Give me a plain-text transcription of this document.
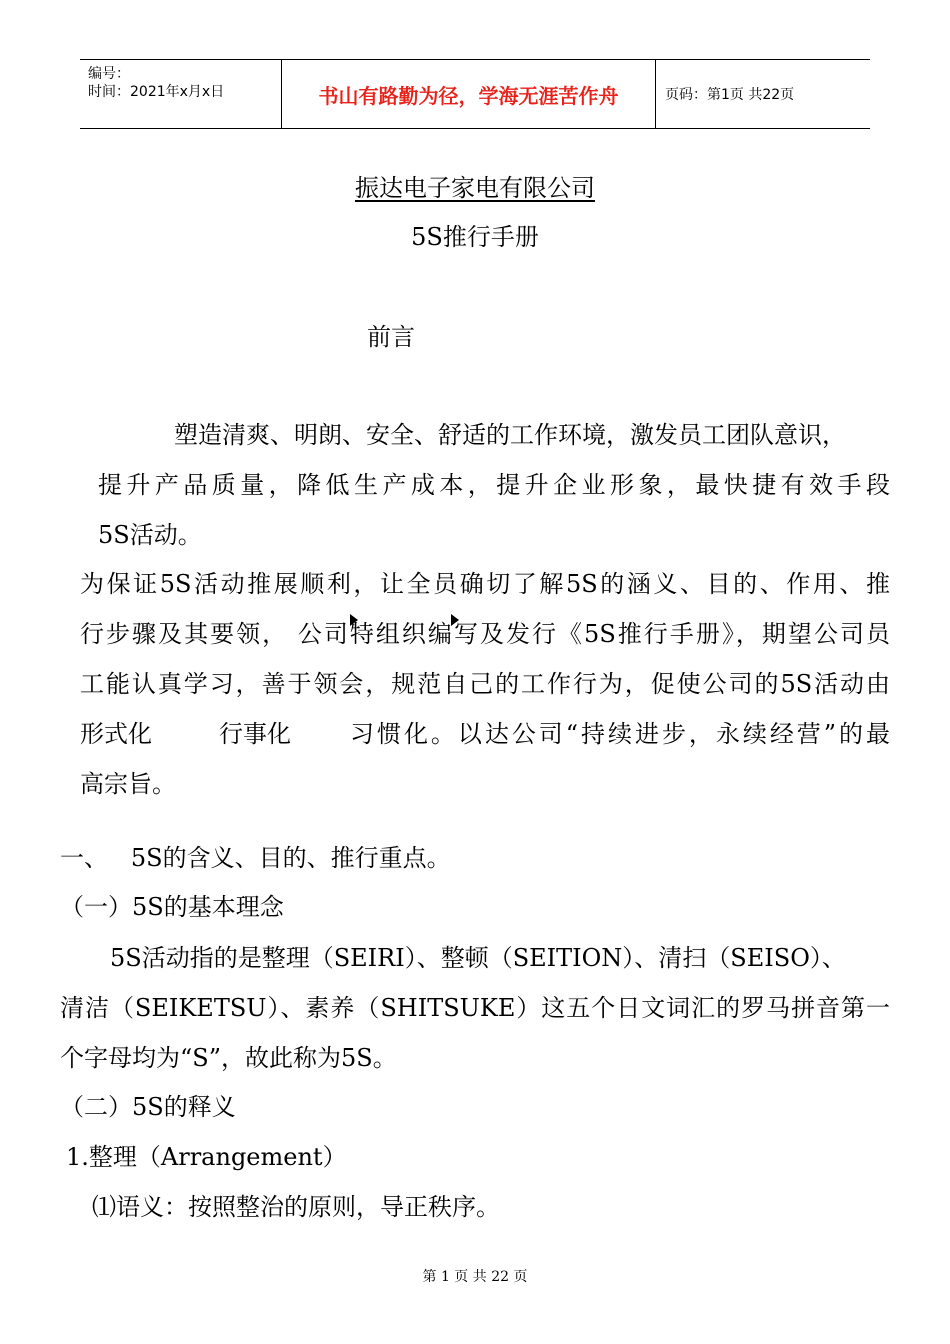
编号：
时间：2021年x月x日	书山有路勤为径，学海无涯苦作舟	页码：第1页 共22页
振达电子家电有限公司
5S推行手册
前言
塑造清爽、明朗、安全、舒适的工作环境，激发员工团队意识，
提升产品质量，降低生产成本，提升企业形象，最快捷有效手段
5S活动。
为保证5S活动推展顺利，让全员确切了解5S的涵义、目的、作用、推
行步骤及其要领， 公司特组织编写及发行《5S推行手册》，期望公司员
工能认真学习，善于领会，规范自己的工作行为，促使公司的5S活动由
形式化	行事化 习惯化。以达公司“持续进步，永续经营”的最
高宗旨。
一、   5S的含义、目的、推行重点。
（一）5S的基本理念
5S活动指的是整理（SEIRI）、整顿（SEITION）、清扫（SEISO）、
清洁（SEIKETSU）、素养（SHITSUKE）这五个日文词汇的罗马拼音第一
个字母均为“S”，故此称为5S。
（二）5S的释义
1.整理（Arrangement）
⑴语义：按照整治的原则，导正秩序。
第 1 页 共 22 页
